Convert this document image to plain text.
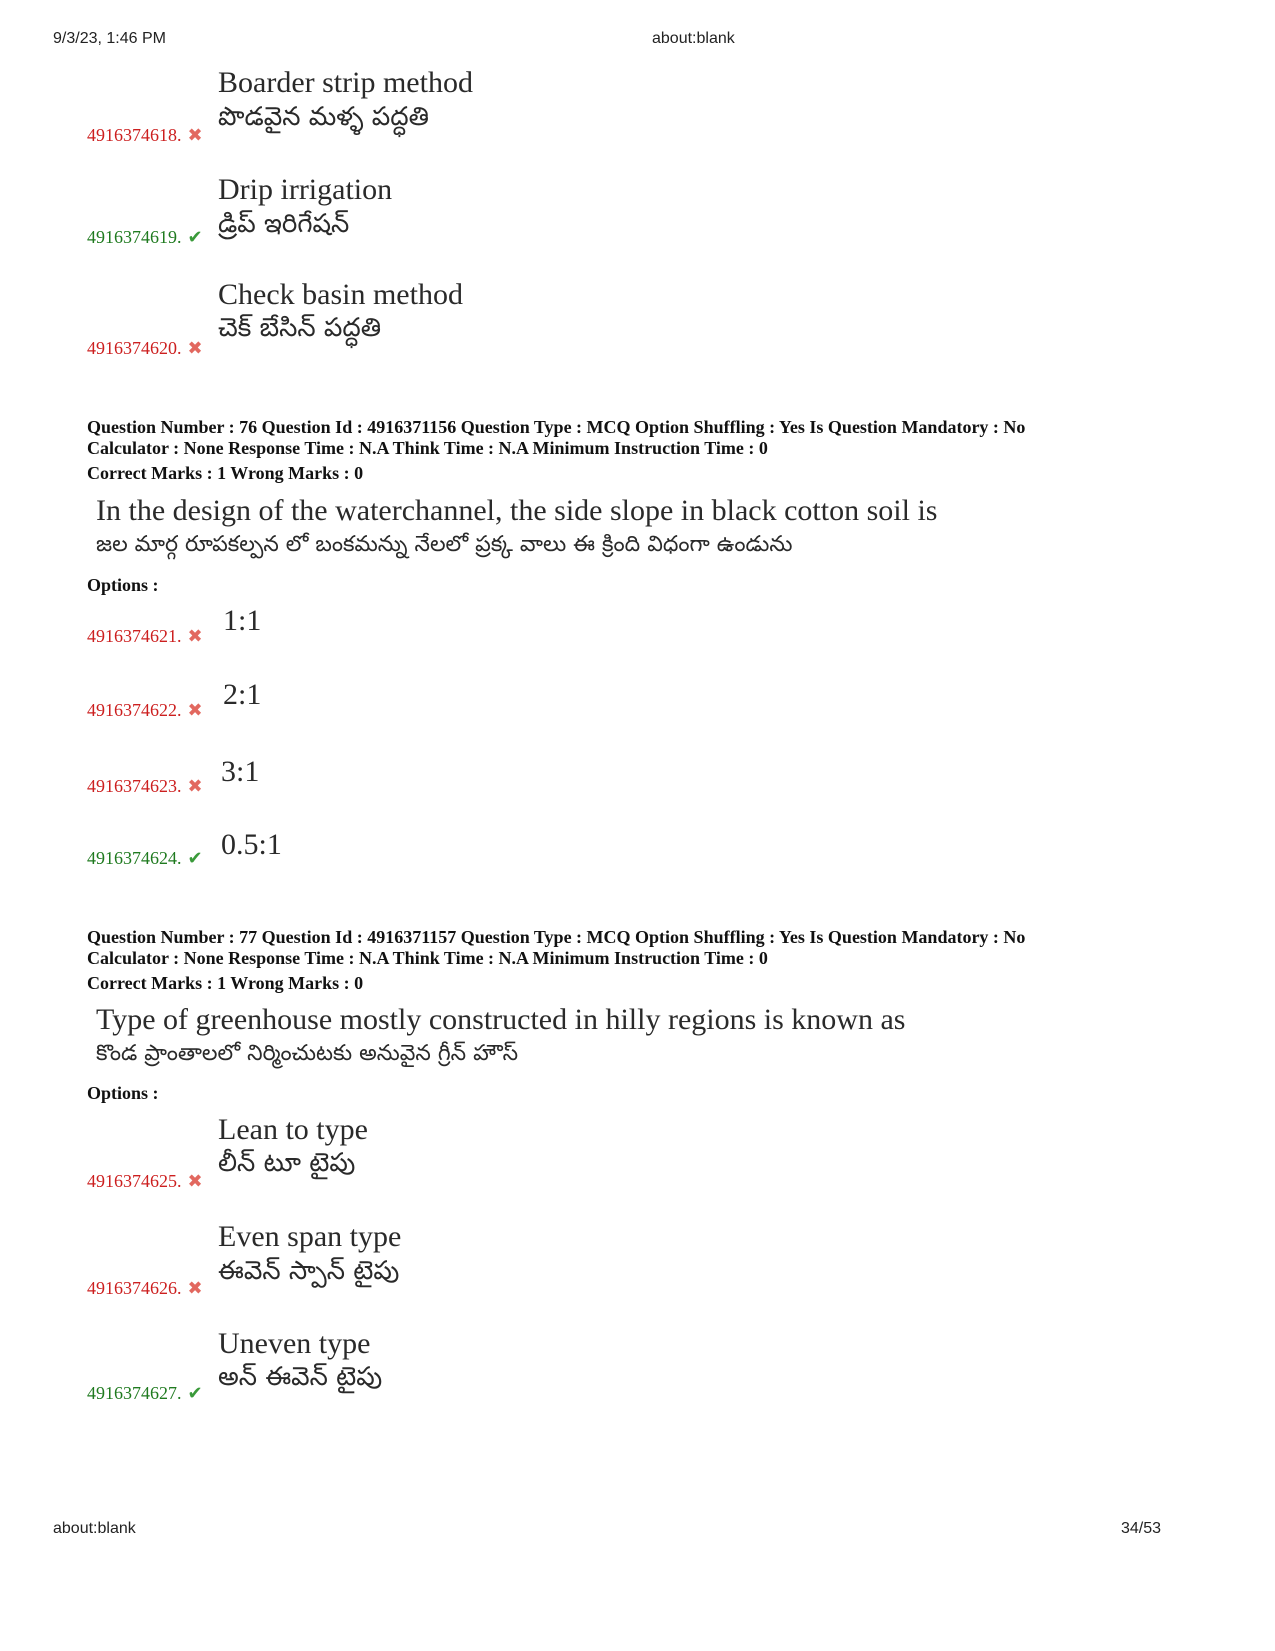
9/3/23, 1:46 PM	about:blank
Boarder strip method
పొడవైన మళ్ళ పద్ధతి
4916374618. ✖
Drip irrigation
డ్రిప్ ఇరిగేషన్
4916374619. ✔
Check basin method
చెక్ బేసిన్ పద్ధతి
4916374620. ✖
Question Number : 76 Question Id : 4916371156 Question Type : MCQ Option Shuffling : Yes Is Question Mandatory : No
Calculator : None Response Time : N.A Think Time : N.A Minimum Instruction Time : 0
Correct Marks : 1 Wrong Marks : 0
In the design of the waterchannel, the side slope in black cotton soil is
జల మార్గ రూపకల్పన లో బంకమన్ను నేలలో ప్రక్క వాలు ఈ క్రింది విధంగా ఉండును
Options :
4916374621. ✖ 1:1
4916374622. ✖ 2:1
4916374623. ✖ 3:1
4916374624. ✔ 0.5:1
Question Number : 77 Question Id : 4916371157 Question Type : MCQ Option Shuffling : Yes Is Question Mandatory : No
Calculator : None Response Time : N.A Think Time : N.A Minimum Instruction Time : 0
Correct Marks : 1 Wrong Marks : 0
Type of greenhouse mostly constructed in hilly regions is known as
కొండ ప్రాంతాలలో నిర్మించుటకు అనువైన గ్రీన్ హౌస్
Options :
Lean to type
లీన్ టూ టైపు
4916374625. ✖
Even span type
ఈవెన్ స్పాన్ టైపు
4916374626. ✖
Uneven type
అన్ ఈవెన్ టైపు
4916374627. ✔
about:blank	34/53
